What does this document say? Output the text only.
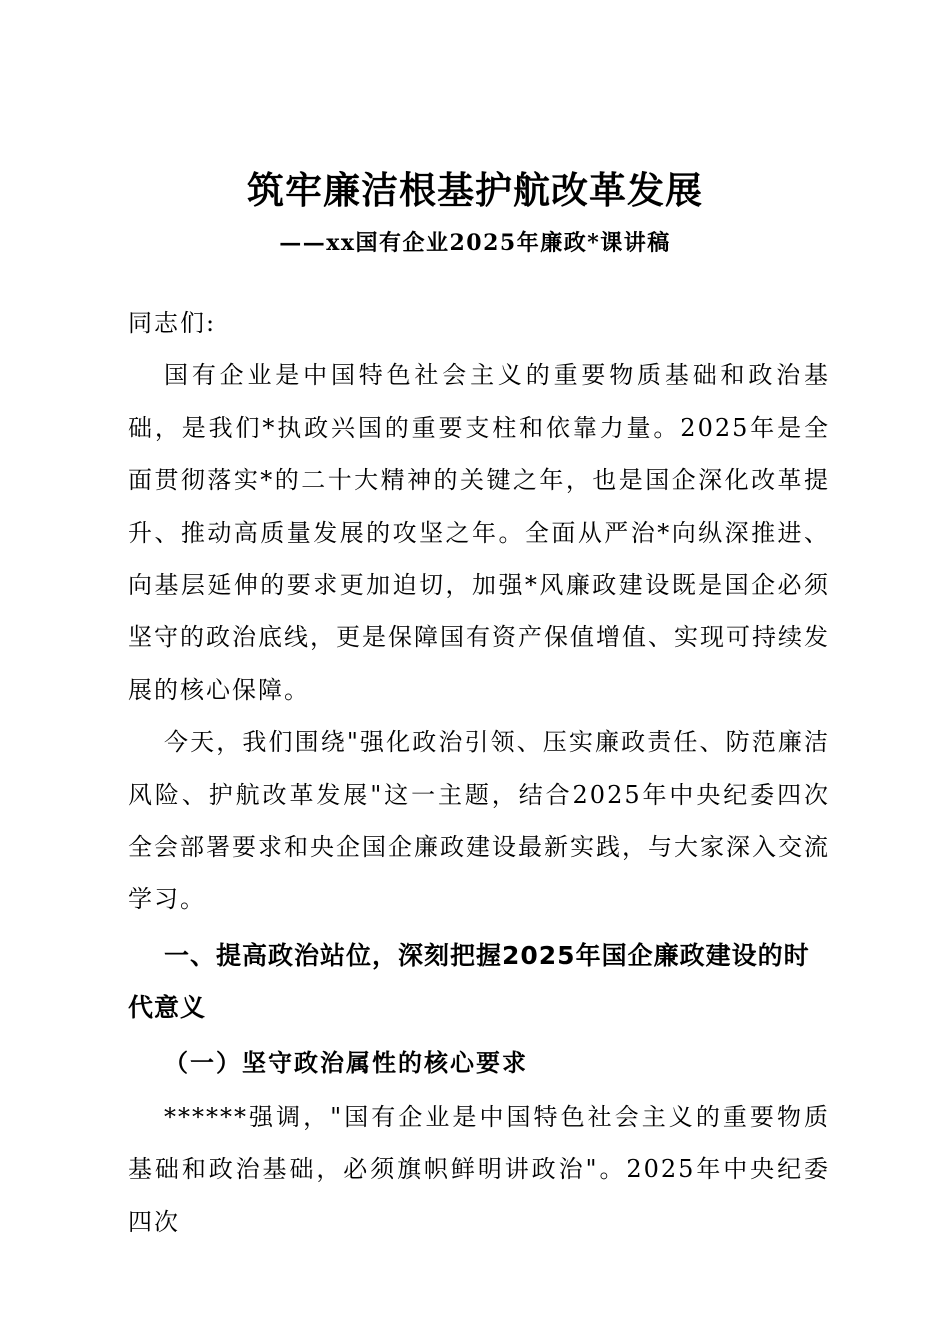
筑牢廉洁根基护航改革发展
——xx国有企业2025年廉政*课讲稿

同志们:

国有企业是中国特色社会主义的重要物质基础和政治基础，是我们*执政兴国的重要支柱和依靠力量。2025年是全面贯彻落实*的二十大精神的关键之年，也是国企深化改革提升、推动高质量发展的攻坚之年。全面从严治*向纵深推进、向基层延伸的要求更加迫切，加强*风廉政建设既是国企必须坚守的政治底线，更是保障国有资产保值增值、实现可持续发展的核心保障。

今天，我们围绕"强化政治引领、压实廉政责任、防范廉洁风险、护航改革发展"这一主题，结合2025年中央纪委四次全会部署要求和央企国企廉政建设最新实践，与大家深入交流学习。

一、提高政治站位，深刻把握2025年国企廉政建设的时代意义
（一）坚守政治属性的核心要求

******强调，"国有企业是中国特色社会主义的重要物质基础和政治基础，必须旗帜鲜明讲政治"。2025年中央纪委四次
